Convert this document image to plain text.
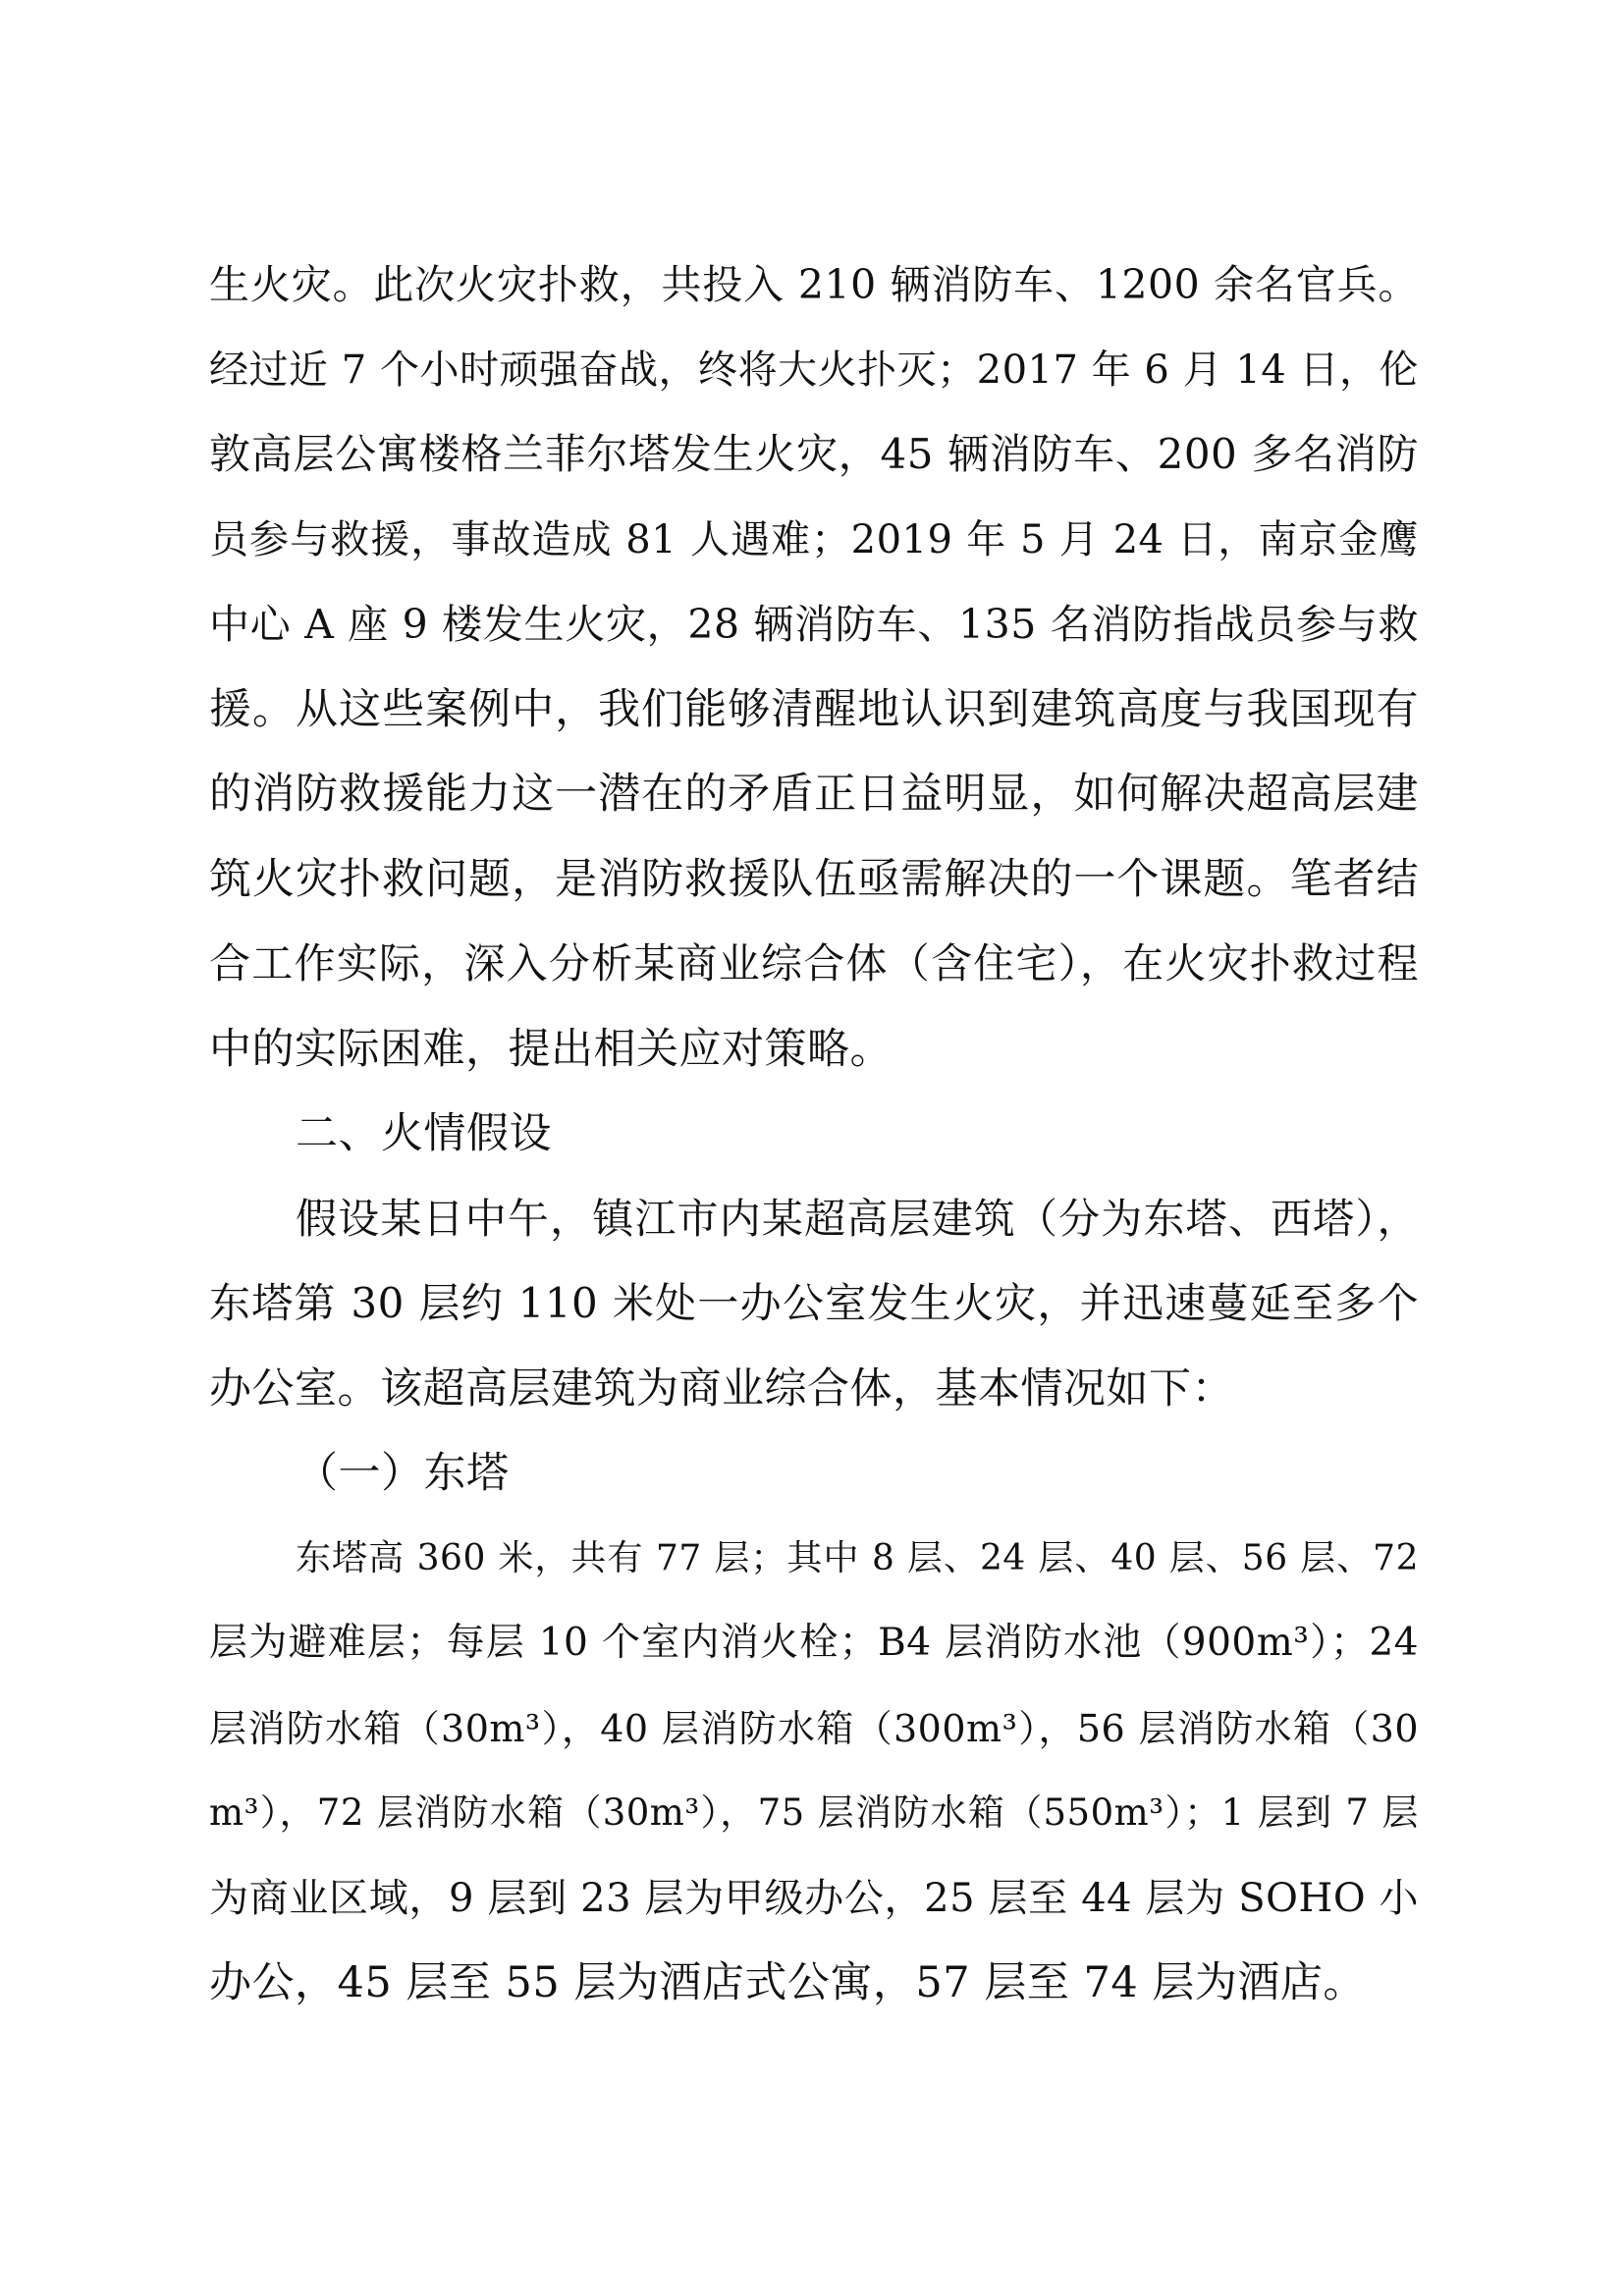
生火灾。此次火灾扑救，共投入 210 辆消防车、1200 余名官兵。
经过近 7 个小时顽强奋战，终将大火扑灭；2017 年 6 月 14 日，伦
敦高层公寓楼格兰菲尔塔发生火灾，45 辆消防车、200 多名消防
员参与救援，事故造成 81 人遇难；2019 年 5 月 24 日，南京金鹰
中心 A 座 9 楼发生火灾，28 辆消防车、135 名消防指战员参与救
援。从这些案例中，我们能够清醒地认识到建筑高度与我国现有
的消防救援能力这一潜在的矛盾正日益明显，如何解决超高层建
筑火灾扑救问题，是消防救援队伍亟需解决的一个课题。笔者结
合工作实际，深入分析某商业综合体（含住宅），在火灾扑救过程
中的实际困难，提出相关应对策略。
二、火情假设
假设某日中午，镇江市内某超高层建筑（分为东塔、西塔），
东塔第 30 层约 110 米处一办公室发生火灾，并迅速蔓延至多个
办公室。该超高层建筑为商业综合体，基本情况如下：
（一）东塔
东塔高 360 米，共有 77 层；其中 8 层、24 层、40 层、56 层、72
层为避难层；每层 10 个室内消火栓；B4 层消防水池（900m³）；24
层消防水箱（30m³），40 层消防水箱（300m³），56 层消防水箱（30
m³），72 层消防水箱（30m³），75 层消防水箱（550m³）；1 层到 7 层
为商业区域，9 层到 23 层为甲级办公，25 层至 44 层为 SOHO 小
办公，45 层至 55 层为酒店式公寓，57 层至 74 层为酒店。
